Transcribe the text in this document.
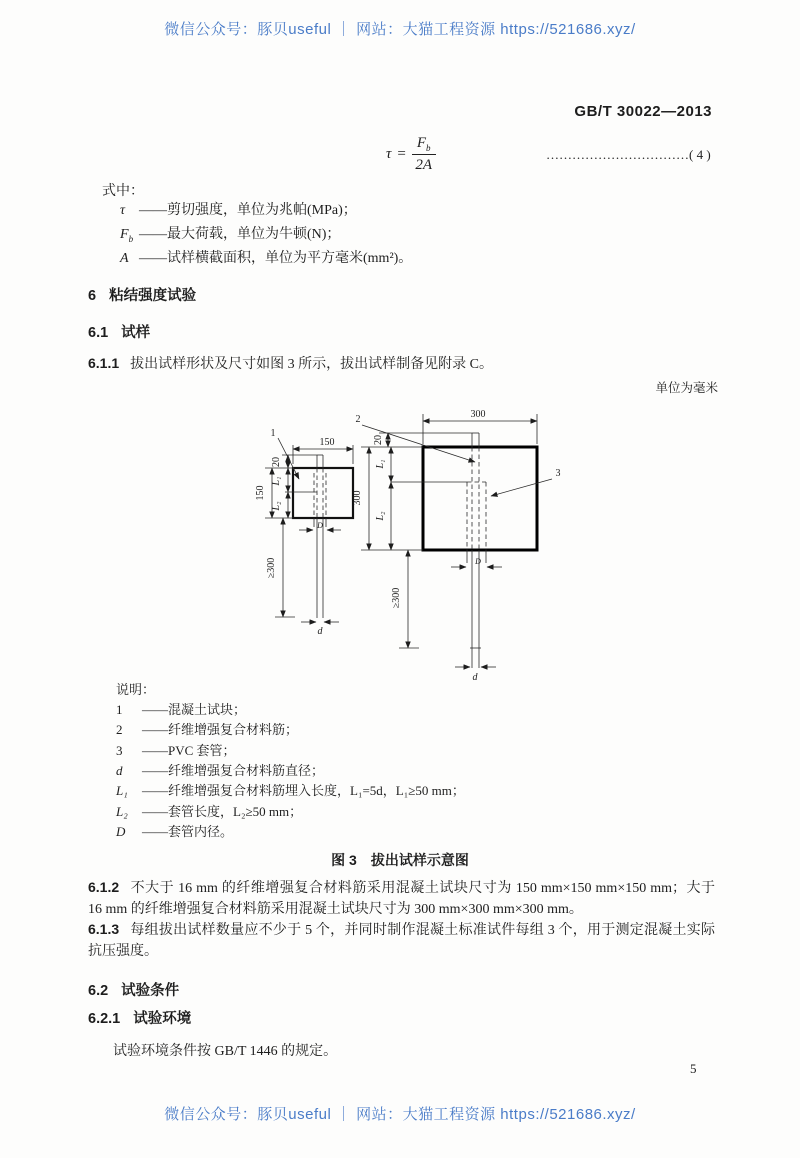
微信公众号：豚贝useful ｜ 网站：大猫工程资源 https://521686.xyz/
GB/T 30022—2013
$\tau = \frac{F_b}{2A}$	……………………………( 4 )
式中：
τ ——剪切强度，单位为兆帕(MPa)；
$F_b$ ——最大荷载，单位为牛顿(N)；
A ——试样横截面积，单位为平方毫米(mm²)。
6 粘结强度试验
6.1 试样
6.1.1 拔出试样形状及尺寸如图 3 所示，拔出试样制备见附录 C。
单位为毫米
150
20
L₁
150
L₂
≥300
D
d
1
300
20
L₁
300
L₂
≥300
D
d
2
3
说明：
1 ——混凝土试块；
2 ——纤维增强复合材料筋；
3 ——PVC 套管；
d ——纤维增强复合材料筋直径；
L₁ ——纤维增强复合材料筋埋入长度，L₁=5d，L₁≥50 mm；
L₂ ——套管长度，L₂≥50 mm；
D ——套管内径。
图 3 拔出试样示意图
6.1.2 不大于 16 mm 的纤维增强复合材料筋采用混凝土试块尺寸为 150 mm×150 mm×150 mm；大于 16 mm 的纤维增强复合材料筋采用混凝土试块尺寸为 300 mm×300 mm×300 mm。
6.1.3 每组拔出试样数量应不少于 5 个，并同时制作混凝土标准试件每组 3 个，用于测定混凝土实际抗压强度。
6.2 试验条件
6.2.1 试验环境
试验环境条件按 GB/T 1446 的规定。
5
微信公众号：豚贝useful ｜ 网站：大猫工程资源 https://521686.xyz/
